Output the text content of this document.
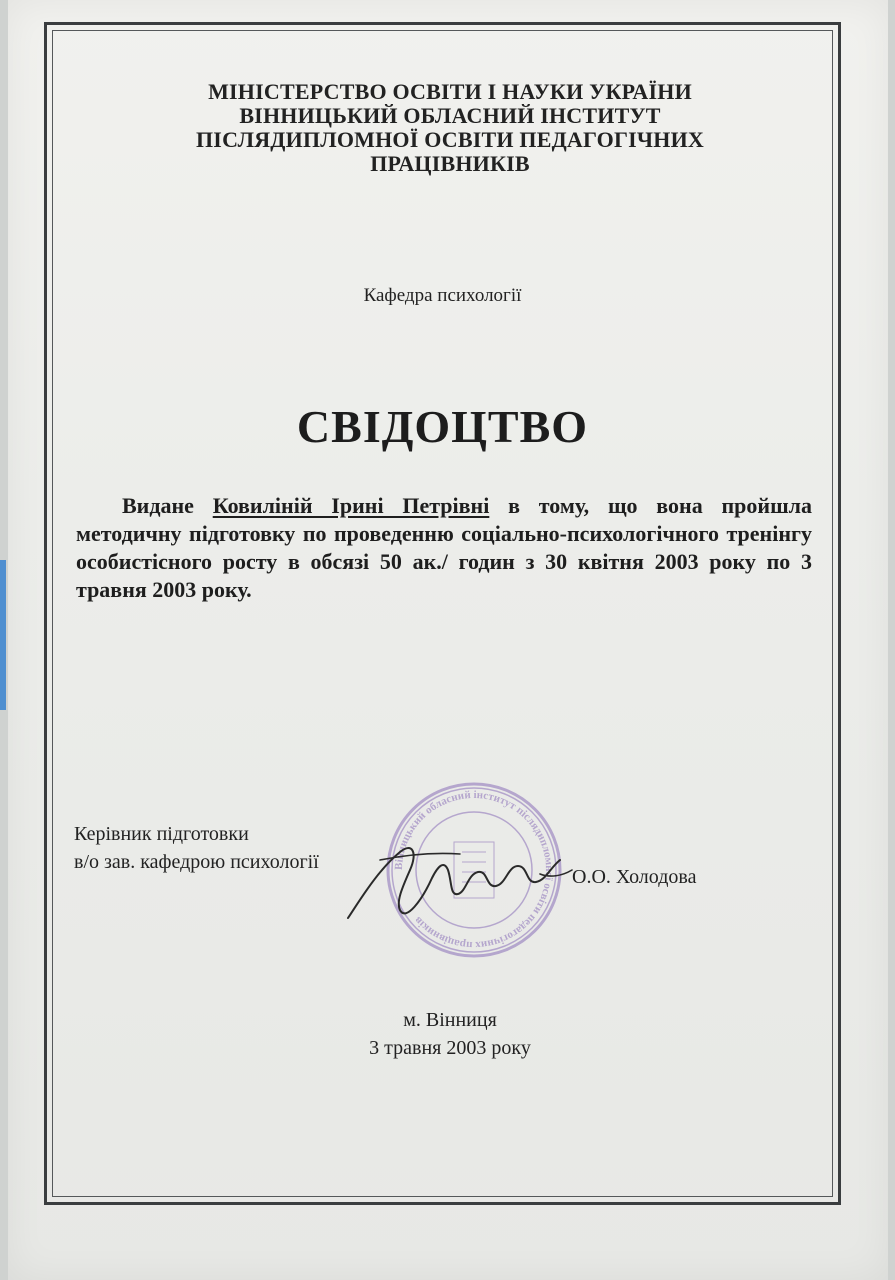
МІНІСТЕРСТВО ОСВІТИ І НАУКИ УКРАЇНИ
ВІННИЦЬКИЙ ОБЛАСНИЙ ІНСТИТУТ
ПІСЛЯДИПЛОМНОЇ ОСВІТИ ПЕДАГОГІЧНИХ
ПРАЦІВНИКІВ
Кафедра психології
СВІДОЦТВО
Видане Ковиліній Ірині Петрівні в тому, що вона пройшла методичну підготовку по проведенню соціально-психологічного тренінгу особистісного росту в обсязі 50 ак./ годин з 30 квітня 2003 року по 3 травня 2003 року.
Керівник підготовки
в/о зав. кафедрою психології	Вінницький обласний інститут післядипломної освіти педагогічних працівників
О.О. Холодова
м. Вінниця
3 травня 2003 року
